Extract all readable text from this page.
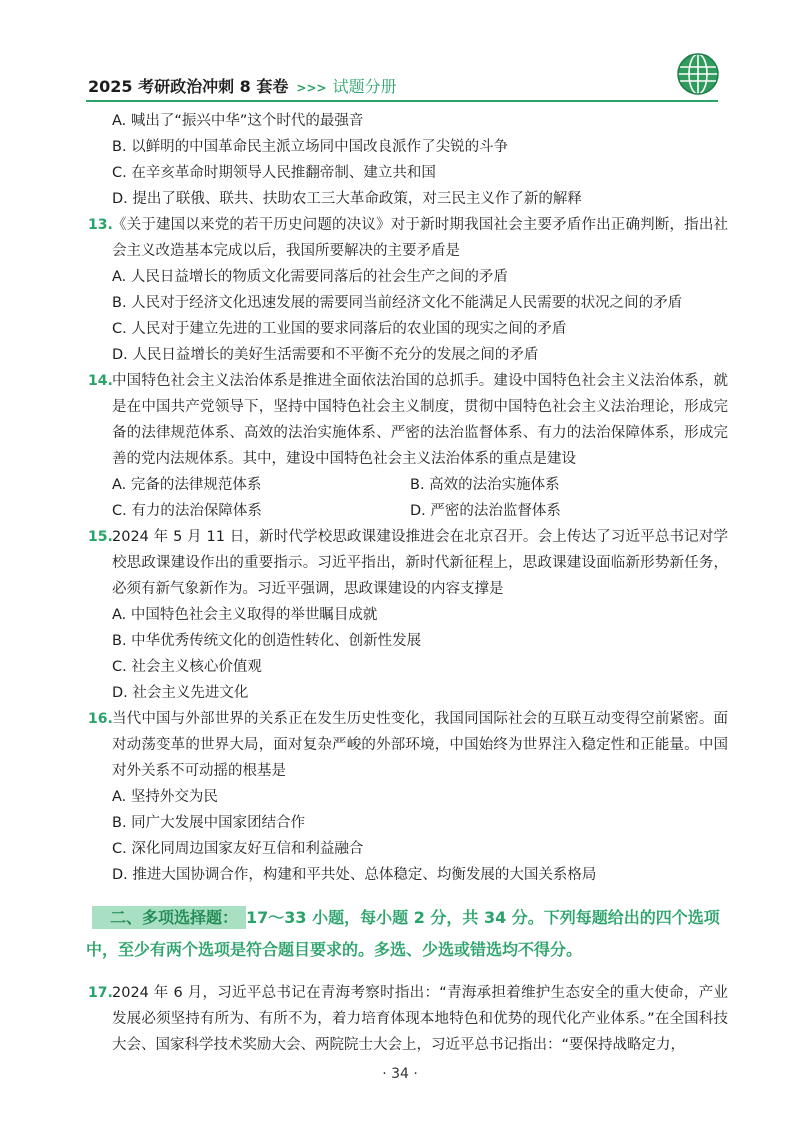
2025 考研政治冲刺 8 套卷 >>> 试题分册
A. 喊出了“振兴中华”这个时代的最强音
B. 以鲜明的中国革命民主派立场同中国改良派作了尖锐的斗争
C. 在辛亥革命时期领导人民推翻帝制、建立共和国
D. 提出了联俄、联共、扶助农工三大革命政策，对三民主义作了新的解释
13. 《关于建国以来党的若干历史问题的决议》对于新时期我国社会主要矛盾作出正确判断，指出社会主义改造基本完成以后，我国所要解决的主要矛盾是
A. 人民日益增长的物质文化需要同落后的社会生产之间的矛盾
B. 人民对于经济文化迅速发展的需要同当前经济文化不能满足人民需要的状况之间的矛盾
C. 人民对于建立先进的工业国的要求同落后的农业国的现实之间的矛盾
D. 人民日益增长的美好生活需要和不平衡不充分的发展之间的矛盾
14. 中国特色社会主义法治体系是推进全面依法治国的总抓手。建设中国特色社会主义法治体系，就是在中国共产党领导下，坚持中国特色社会主义制度，贯彻中国特色社会主义法治理论，形成完备的法律规范体系、高效的法治实施体系、严密的法治监督体系、有力的法治保障体系，形成完善的党内法规体系。其中，建设中国特色社会主义法治体系的重点是建设
A. 完备的法律规范体系	B. 高效的法治实施体系
C. 有力的法治保障体系	D. 严密的法治监督体系
15. 2024 年 5 月 11 日，新时代学校思政课建设推进会在北京召开。会上传达了习近平总书记对学校思政课建设作出的重要指示。习近平指出，新时代新征程上，思政课建设面临新形势新任务，必须有新气象新作为。习近平强调，思政课建设的内容支撑是
A. 中国特色社会主义取得的举世瞩目成就
B. 中华优秀传统文化的创造性转化、创新性发展
C. 社会主义核心价值观
D. 社会主义先进文化
16. 当代中国与外部世界的关系正在发生历史性变化，我国同国际社会的互联互动变得空前紧密。面对动荡变革的世界大局，面对复杂严峻的外部环境，中国始终为世界注入稳定性和正能量。中国对外关系不可动摇的根基是
A. 坚持外交为民
B. 同广大发展中国家团结合作
C. 深化同周边国家友好互信和利益融合
D. 推进大国协调合作，构建和平共处、总体稳定、均衡发展的大国关系格局
二、多项选择题： 17～33 小题，每小题 2 分，共 34 分。下列每题给出的四个选项中，至少有两个选项是符合题目要求的。多选、少选或错选均不得分。
17. 2024 年 6 月，习近平总书记在青海考察时指出：“青海承担着维护生态安全的重大使命，产业发展必须坚持有所为、有所不为，着力培育体现本地特色和优势的现代化产业体系。”在全国科技大会、国家科学技术奖励大会、两院院士大会上，习近平总书记指出：“要保持战略定力，
· 34 ·
